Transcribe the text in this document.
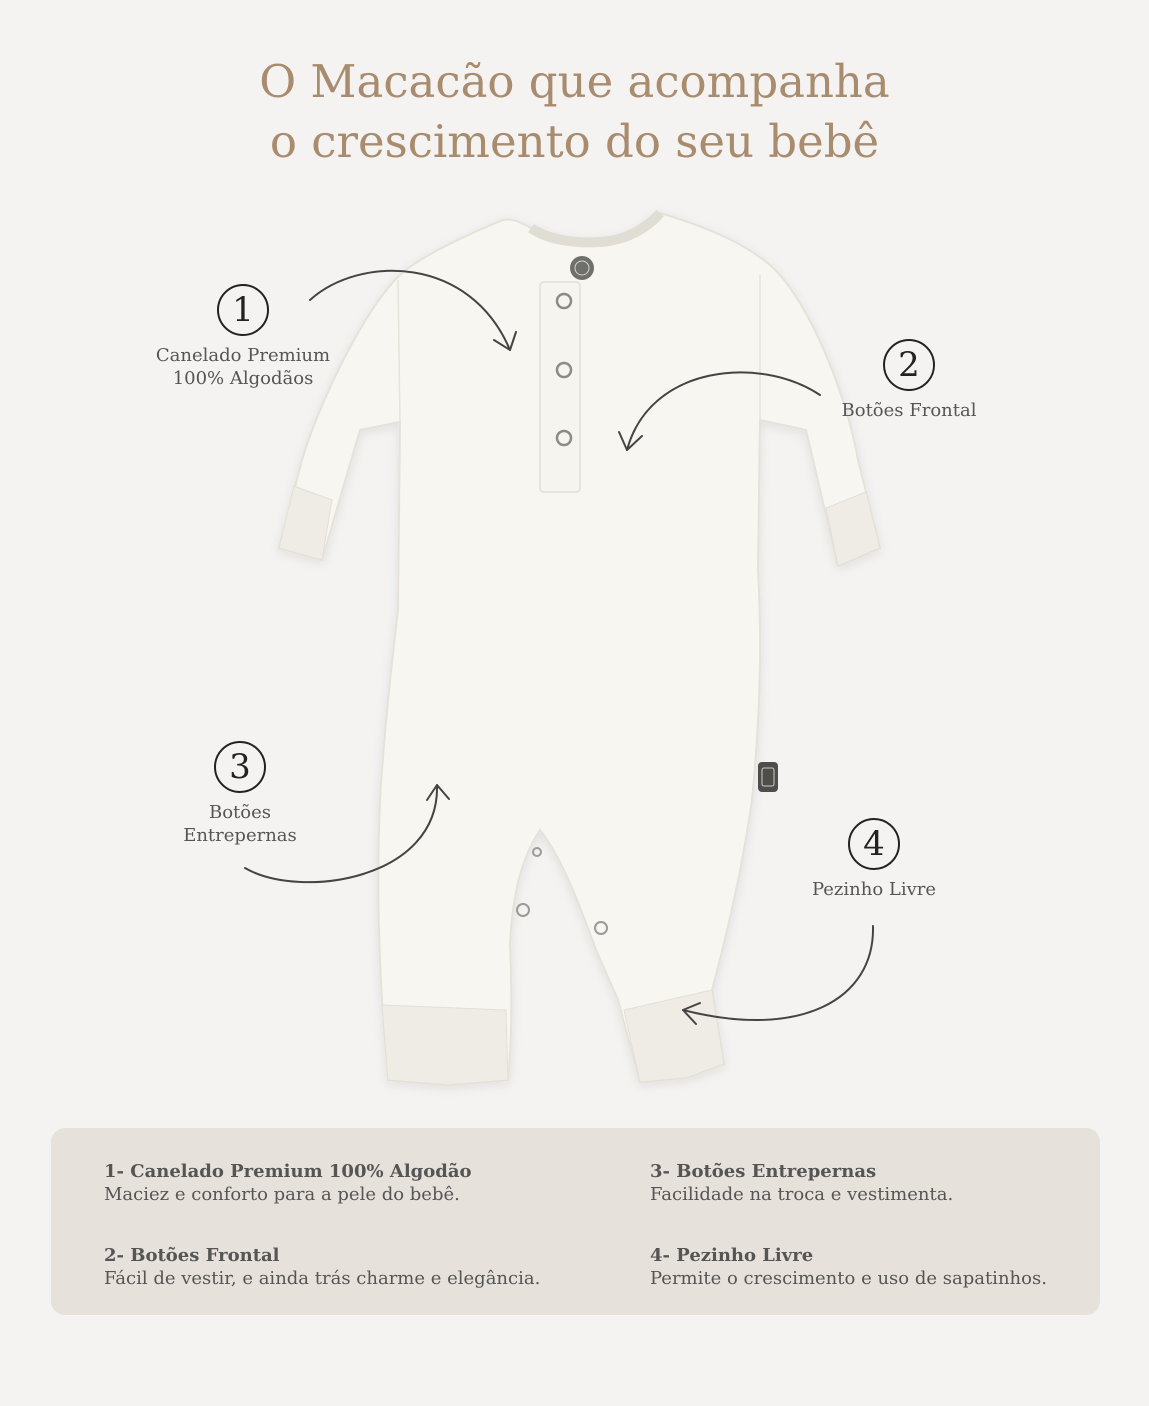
O Macacão que acompanha
o crescimento do seu bebê
1
Canelado Premium
100% Algodãos	2
Botões Frontal
3
Botões
Entrepernas	4
Pezinho Livre
1- Canelado Premium 100% Algodão
Maciez e conforto para a pele do bebê.
2- Botões Frontal
Fácil de vestir, e ainda trás charme e elegância.
3- Botões Entrepernas
Facilidade na troca e vestimenta.
4- Pezinho Livre
Permite o crescimento e uso de sapatinhos.
